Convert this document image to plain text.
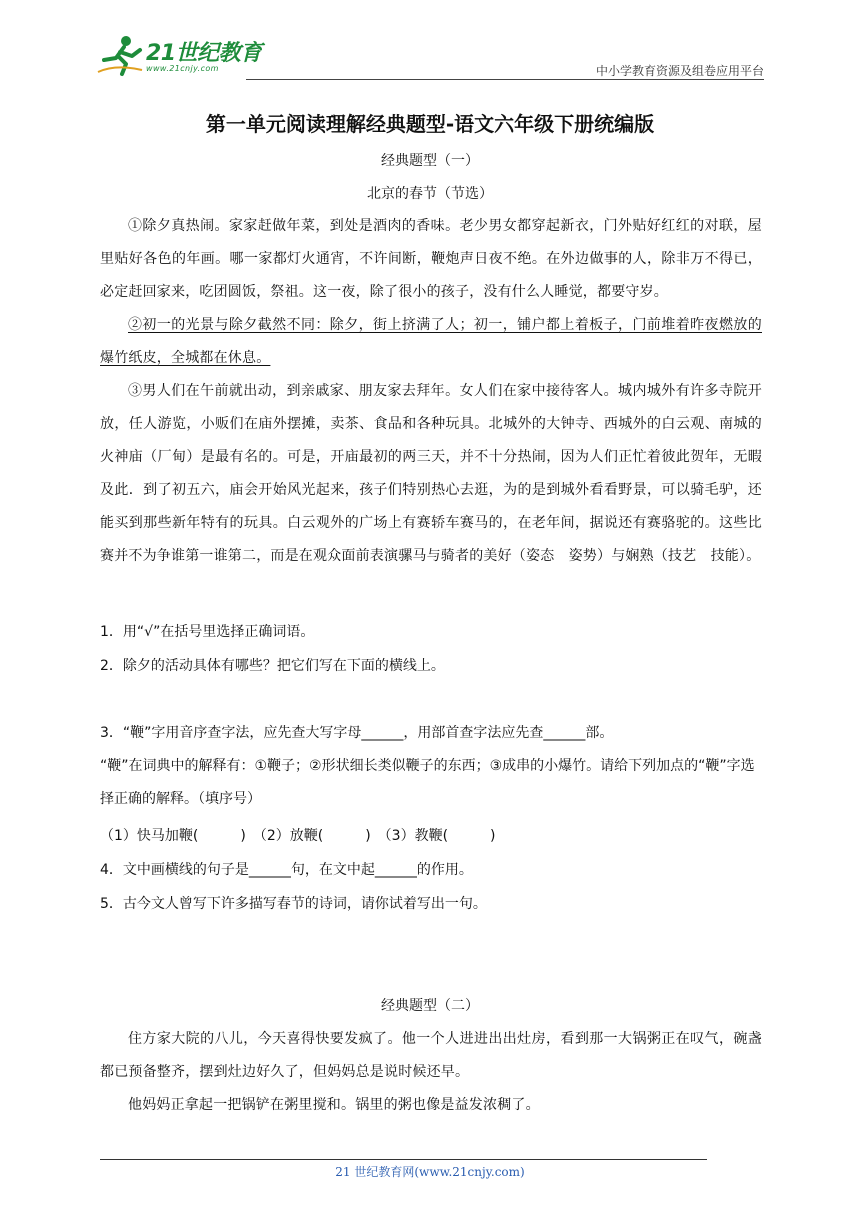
21世纪教育
www.21cnjy.com	中小学教育资源及组卷应用平台
第一单元阅读理解经典题型-语文六年级下册统编版
经典题型（一）
北京的春节（节选）
①除夕真热闹。家家赶做年菜，到处是酒肉的香味。老少男女都穿起新衣，门外贴好红红的对联，屋里贴好各色的年画。哪一家都灯火通宵，不许间断，鞭炮声日夜不绝。在外边做事的人，除非万不得已，必定赶回家来，吃团圆饭，祭祖。这一夜，除了很小的孩子，没有什么人睡觉，都要守岁。
②初一的光景与除夕截然不同：除夕，街上挤满了人；初一，铺户都上着板子，门前堆着昨夜燃放的爆竹纸皮，全城都在休息。
③男人们在午前就出动，到亲戚家、朋友家去拜年。女人们在家中接待客人。城内城外有许多寺院开放，任人游览，小贩们在庙外摆摊，卖茶、食品和各种玩具。北城外的大钟寺、西城外的白云观、南城的火神庙（厂甸）是最有名的。可是，开庙最初的两三天，并不十分热闹，因为人们正忙着彼此贺年，无暇及此．到了初五六，庙会开始风光起来，孩子们特别热心去逛，为的是到城外看看野景，可以骑毛驴，还能买到那些新年特有的玩具。白云观外的广场上有赛轿车赛马的，在老年间，据说还有赛骆驼的。这些比赛并不为争谁第一谁第二，而是在观众面前表演骡马与骑者的美好（姿态　姿势）与娴熟（技艺　技能）。
1．用“√”在括号里选择正确词语。
2．除夕的活动具体有哪些？把它们写在下面的横线上。
3．“鞭”字用音序查字法，应先查大写字母______，用部首查字法应先查______部。
“鞭”在词典中的解释有：①鞭子；②形状细长类似鞭子的东西；③成串的小爆竹。请给下列加点的“鞭”字选择正确的解释。（填序号）
（1）快马加鞭(　　　)　（2）放鞭(　　　)　（3）教鞭(　　　)
4．文中画横线的句子是______句，在文中起______的作用。
5．古今文人曾写下许多描写春节的诗词，请你试着写出一句。
经典题型（二）
住方家大院的八儿，今天喜得快要发疯了。他一个人进进出出灶房，看到那一大锅粥正在叹气，碗盏都已预备整齐，摆到灶边好久了，但妈妈总是说时候还早。
他妈妈正拿起一把锅铲在粥里搅和。锅里的粥也像是益发浓稠了。
21 世纪教育网(www.21cnjy.com)
